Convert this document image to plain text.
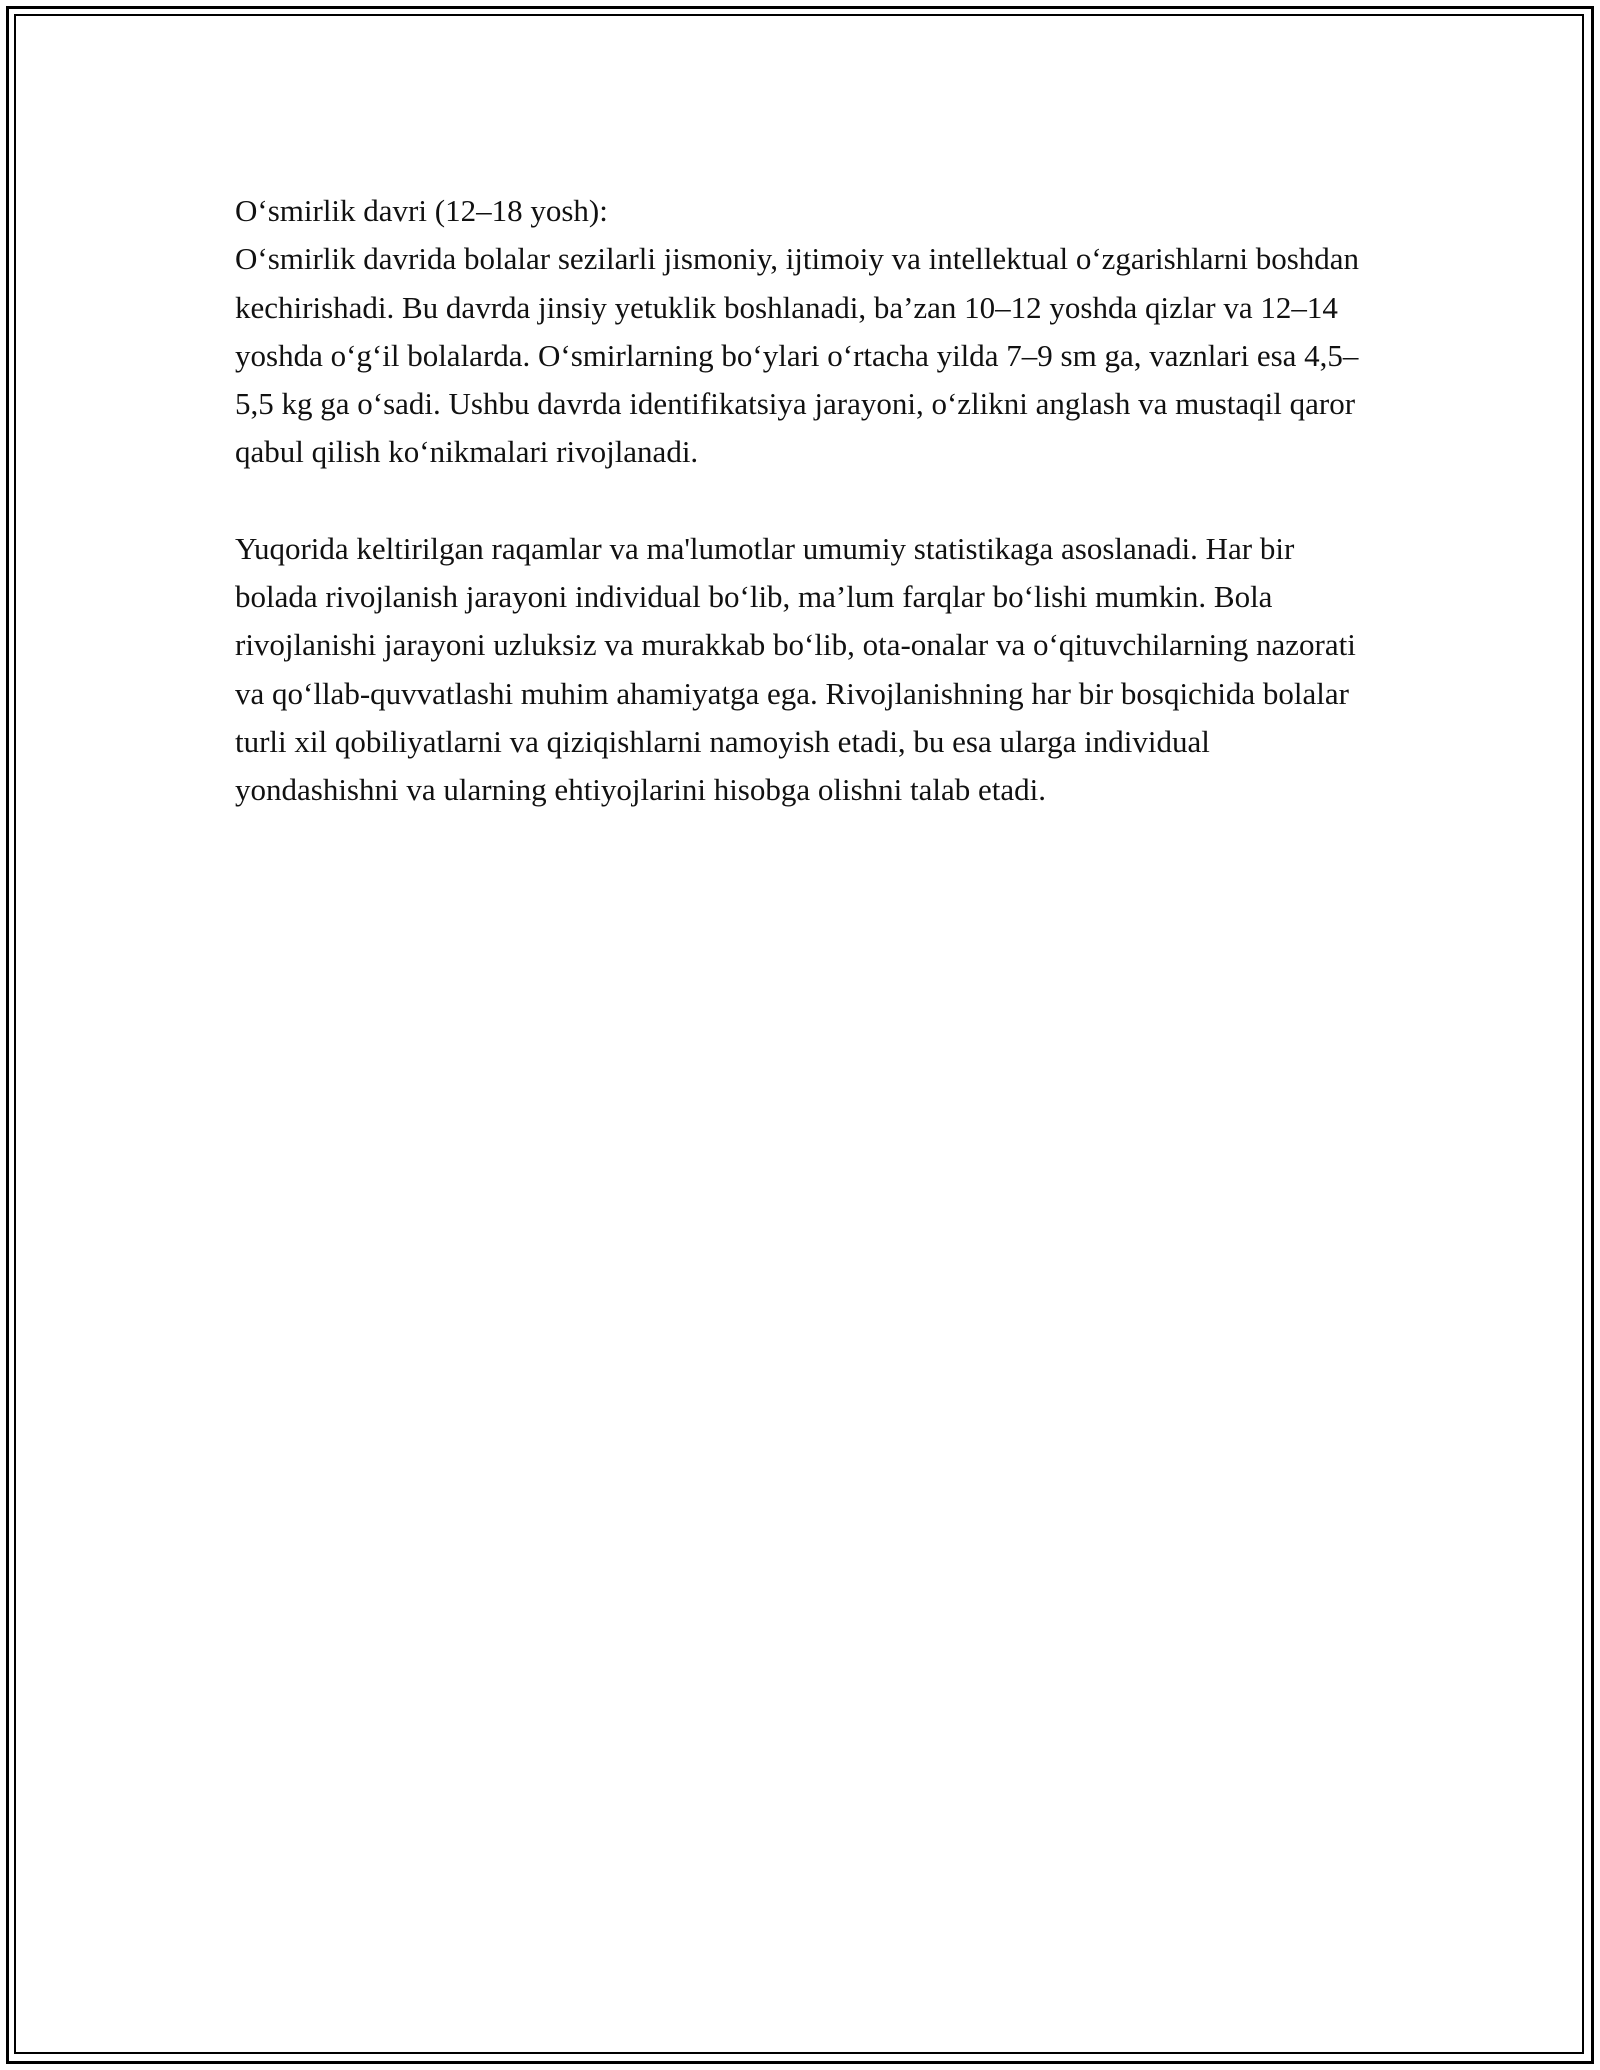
O‘smirlik davri (12–18 yosh):

O‘smirlik davrida bolalar sezilarli jismoniy, ijtimoiy va intellektual o‘zgarishlarni boshdan kechirishadi. Bu davrda jinsiy yetuklik boshlanadi, ba’zan 10–12 yoshda qizlar va 12–14 yoshda o‘g‘il bolalarda. O‘smirlarning bo‘ylari o‘rtacha yilda 7–9 sm ga, vaznlari esa 4,5–5,5 kg ga o‘sadi. Ushbu davrda identifikatsiya jarayoni, o‘zlikni anglash va mustaqil qaror qabul qilish ko‘nikmalari rivojlanadi.

Yuqorida keltirilgan raqamlar va ma'lumotlar umumiy statistikaga asoslanadi. Har bir bolada rivojlanish jarayoni individual bo‘lib, ma’lum farqlar bo‘lishi mumkin. Bola rivojlanishi jarayoni uzluksiz va murakkab bo‘lib, ota-onalar va o‘qituvchilarning nazorati va qo‘llab-quvvatlashi muhim ahamiyatga ega. Rivojlanishning har bir bosqichida bolalar turli xil qobiliyatlarni va qiziqishlarni namoyish etadi, bu esa ularga individual yondashishni va ularning ehtiyojlarini hisobga olishni talab etadi.
